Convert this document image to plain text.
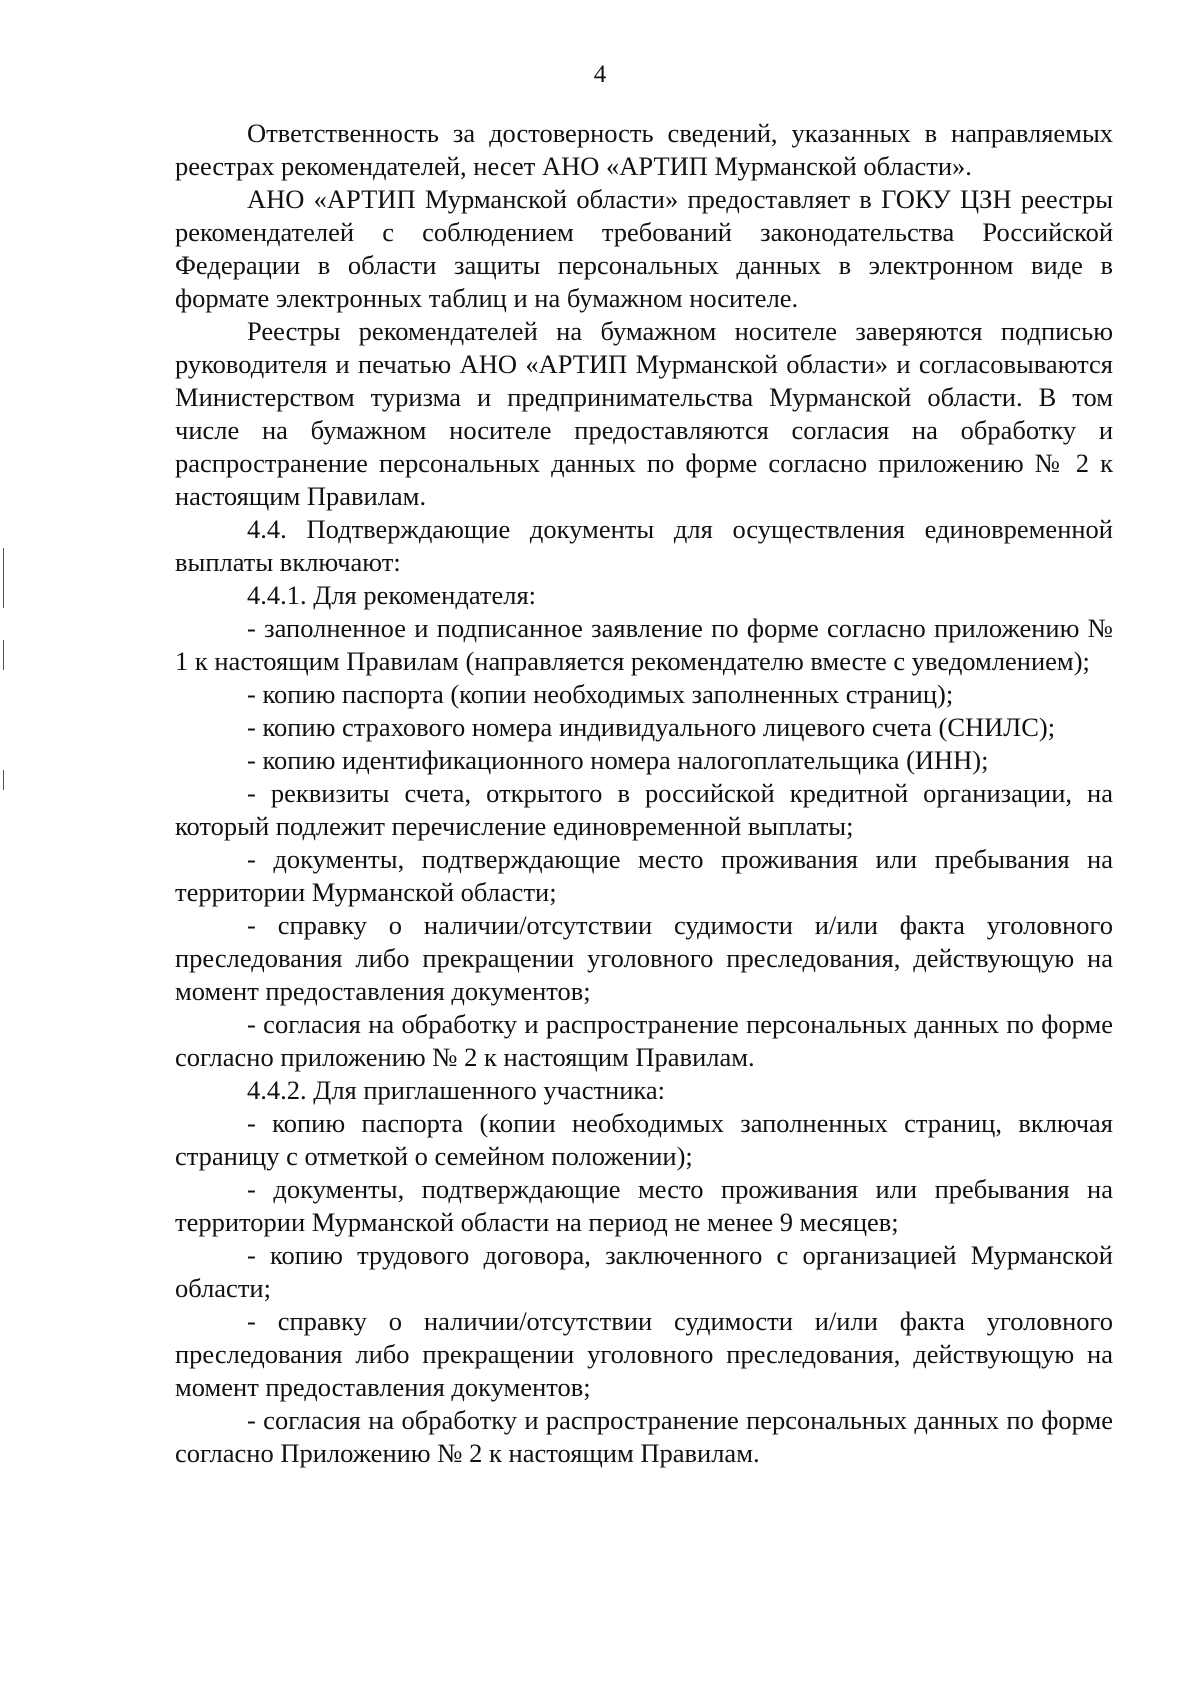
4

Ответственность за достоверность сведений, указанных в направляемых реестрах рекомендателей, несет АНО «АРТИП Мурманской области».

АНО «АРТИП Мурманской области» предоставляет в ГОКУ ЦЗН реестры рекомендателей с соблюдением требований законодательства Российской Федерации в области защиты персональных данных в электронном виде в формате электронных таблиц и на бумажном носителе.

Реестры рекомендателей на бумажном носителе заверяются подписью руководителя и печатью АНО «АРТИП Мурманской области» и согласовываются Министерством туризма и предпринимательства Мурманской области. В том числе на бумажном носителе предоставляются согласия на обработку и распространение персональных данных по форме согласно приложению № 2 к настоящим Правилам.

4.4. Подтверждающие документы для осуществления единовременной выплаты включают:

4.4.1. Для рекомендателя:

- заполненное и подписанное заявление по форме согласно приложению № 1 к настоящим Правилам (направляется рекомендателю вместе с уведомлением);

- копию паспорта (копии необходимых заполненных страниц);

- копию страхового номера индивидуального лицевого счета (СНИЛС);

- копию идентификационного номера налогоплательщика (ИНН);

- реквизиты счета, открытого в российской кредитной организации, на который подлежит перечисление единовременной выплаты;

- документы, подтверждающие место проживания или пребывания на территории Мурманской области;

- справку о наличии/отсутствии судимости и/или факта уголовного преследования либо прекращении уголовного преследования, действующую на момент предоставления документов;

- согласия на обработку и распространение персональных данных по форме согласно приложению № 2 к настоящим Правилам.

4.4.2. Для приглашенного участника:

- копию паспорта (копии необходимых заполненных страниц, включая страницу с отметкой о семейном положении);

- документы, подтверждающие место проживания или пребывания на территории Мурманской области на период не менее 9 месяцев;

- копию трудового договора, заключенного с организацией Мурманской области;

- справку о наличии/отсутствии судимости и/или факта уголовного преследования либо прекращении уголовного преследования, действующую на момент предоставления документов;

- согласия на обработку и распространение персональных данных по форме согласно Приложению № 2 к настоящим Правилам.
